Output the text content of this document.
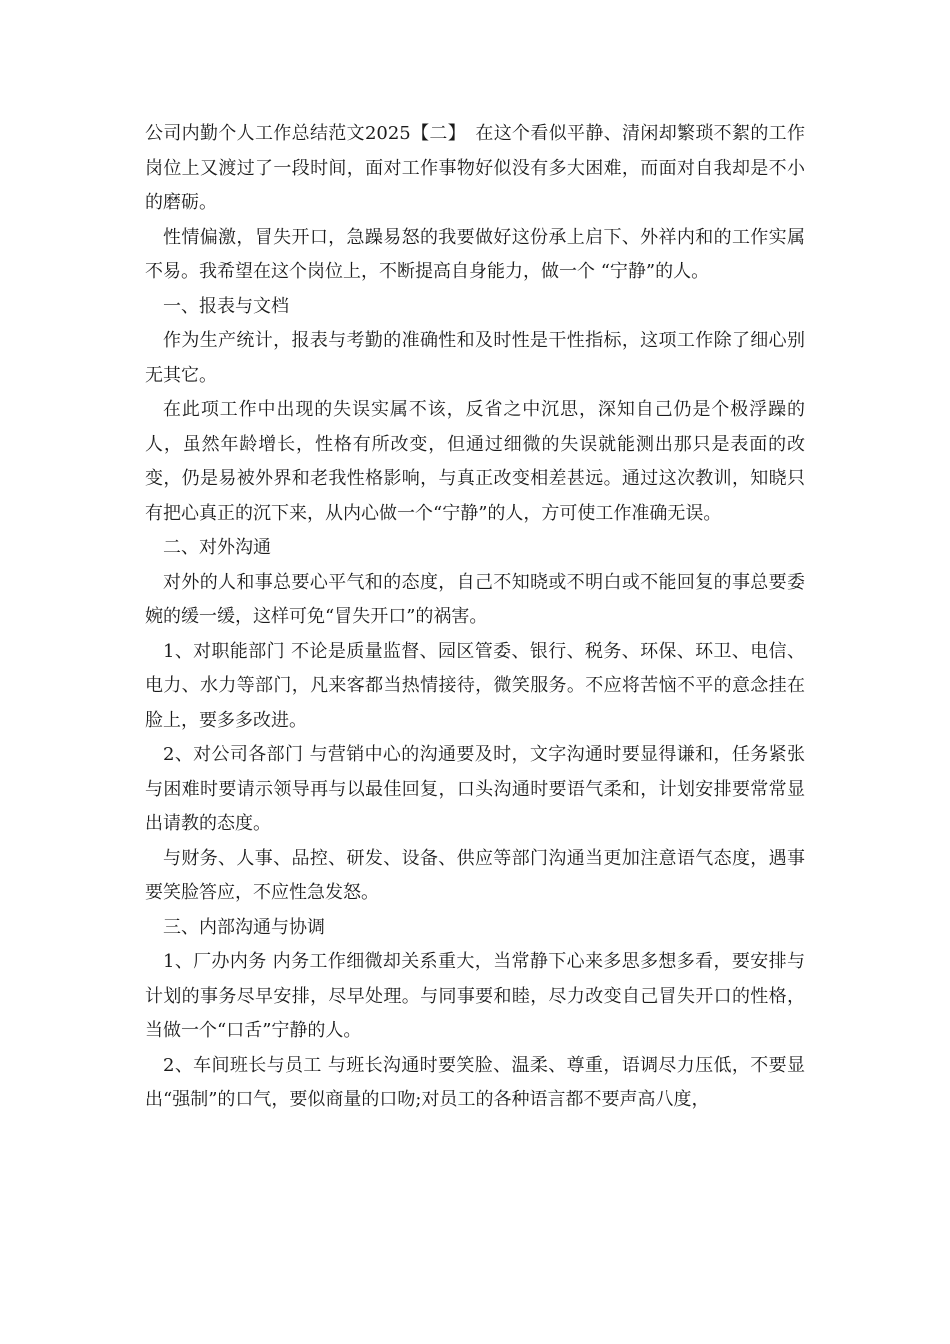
公司内勤个人工作总结范文2025【二】　在这个看似平静、清闲却繁琐不絮的工作岗位上又渡过了一段时间，面对工作事物好似没有多大困难，而面对自我却是不小的磨砺。

性情偏激，冒失开口，急躁易怒的我要做好这份承上启下、外祥内和的工作实属不易。我希望在这个岗位上，不断提高自身能力，做一个 “宁静”的人。

一、报表与文档

作为生产统计，报表与考勤的准确性和及时性是干性指标，这项工作除了细心别无其它。

在此项工作中出现的失误实属不该，反省之中沉思，深知自己仍是个极浮躁的人，虽然年龄增长，性格有所改变，但通过细微的失误就能测出那只是表面的改变，仍是易被外界和老我性格影响，与真正改变相差甚远。通过这次教训，知晓只有把心真正的沉下来，从内心做一个“宁静”的人，方可使工作准确无误。

二、对外沟通

对外的人和事总要心平气和的态度，自己不知晓或不明白或不能回复的事总要委婉的缓一缓，这样可免“冒失开口”的祸害。

1、对职能部门 不论是质量监督、园区管委、银行、税务、环保、环卫、电信、电力、水力等部门，凡来客都当热情接待，微笑服务。不应将苦恼不平的意念挂在脸上，要多多改进。

2、对公司各部门 与营销中心的沟通要及时，文字沟通时要显得谦和，任务紧张与困难时要请示领导再与以最佳回复，口头沟通时要语气柔和，计划安排要常常显出请教的态度。

与财务、人事、品控、研发、设备、供应等部门沟通当更加注意语气态度，遇事要笑脸答应，不应性急发怒。

三、内部沟通与协调

1、厂办内务 内务工作细微却关系重大，当常静下心来多思多想多看，要安排与计划的事务尽早安排，尽早处理。与同事要和睦，尽力改变自己冒失开口的性格，当做一个“口舌”宁静的人。

2、车间班长与员工 与班长沟通时要笑脸、温柔、尊重，语调尽力压低，不要显出“强制”的口气，要似商量的口吻;对员工的各种语言都不要声高八度，
